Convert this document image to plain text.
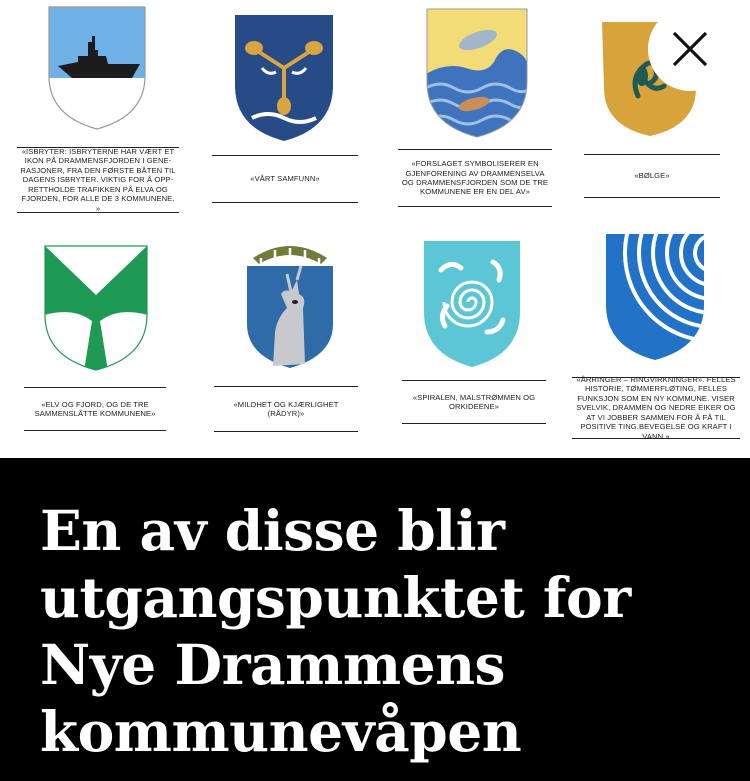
«ISBRYTER: ISBRYTERNE HAR VÆRT ET IKON PÅ DRAMMENSFJORDEN I GENERASJONER, FRA DEN FØRSTE BÅTEN TIL DAGENS ISBRYTER. VIKTIG FOR Å OPPRETTHOLDE TRAFIKKEN PÅ ELVA OG FJORDEN, FOR ALLE DE 3 KOMMUNENE. »
«VÅRT SAMFUNN»
«FORSLAGET SYMBOLISERER EN GJENFORENING AV DRAMMENSELVA OG DRAMMENSFJORDEN SOM DE TRE KOMMUNENE ER EN DEL AV»
«BØLGE»
«ELV OG FJORD, OG DE TRE SAMMENSLÅTTE KOMMUNENE»
«MILDHET OG KJÆRLIGHET (RÅDYR)»
«SPIRALEN, MALSTRØMMEN OG ORKIDEENE»
«ÅRRINGER – RINGVIRKNINGER». FELLES HISTORIE, TØMMERFLØTING, FELLES FUNKSJON SOM EN NY KOMMUNE. VISER SVELVIK, DRAMMEN OG NEDRE EIKER OG AT VI JOBBER SAMMEN FOR Å FÅ TIL POSITIVE TING.BEVEGELSE OG KRAFT I VANN.»
En av disse blir utgangspunktet for Nye Drammens kommunevåpen
